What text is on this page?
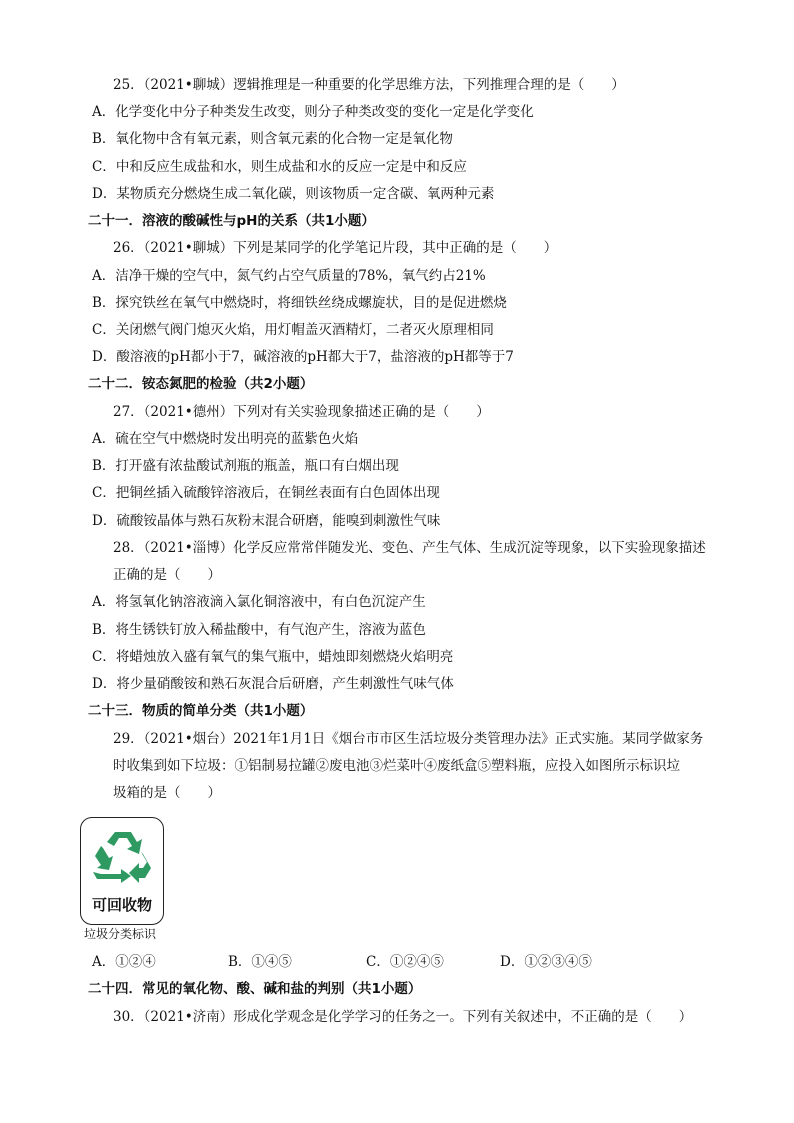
25．（2021•聊城）逻辑推理是一种重要的化学思维方法，下列推理合理的是（　　）
A．化学变化中分子种类发生改变，则分子种类改变的变化一定是化学变化
B．氧化物中含有氧元素，则含氧元素的化合物一定是氧化物
C．中和反应生成盐和水，则生成盐和水的反应一定是中和反应
D．某物质充分燃烧生成二氧化碳，则该物质一定含碳、氧两种元素
二十一．溶液的酸碱性与pH的关系（共1小题）
26．（2021•聊城）下列是某同学的化学笔记片段，其中正确的是（　　）
A．洁净干燥的空气中，氮气约占空气质量的78%，氧气约占21%
B．探究铁丝在氧气中燃烧时，将细铁丝绕成螺旋状，目的是促进燃烧
C．关闭燃气阀门熄灭火焰，用灯帽盖灭酒精灯，二者灭火原理相同
D．酸溶液的pH都小于7，碱溶液的pH都大于7，盐溶液的pH都等于7
二十二．铵态氮肥的检验（共2小题）
27．（2021•德州）下列对有关实验现象描述正确的是（　　）
A．硫在空气中燃烧时发出明亮的蓝紫色火焰
B．打开盛有浓盐酸试剂瓶的瓶盖，瓶口有白烟出现
C．把铜丝插入硫酸锌溶液后，在铜丝表面有白色固体出现
D．硫酸铵晶体与熟石灰粉末混合研磨，能嗅到刺激性气味
28．（2021•淄博）化学反应常常伴随发光、变色、产生气体、生成沉淀等现象，以下实验现象描述
正确的是（　　）
A．将氢氧化钠溶液滴入氯化铜溶液中，有白色沉淀产生
B．将生锈铁钉放入稀盐酸中，有气泡产生，溶液为蓝色
C．将蜡烛放入盛有氧气的集气瓶中，蜡烛即刻燃烧火焰明亮
D．将少量硝酸铵和熟石灰混合后研磨，产生刺激性气味气体
二十三．物质的简单分类（共1小题）
29．（2021•烟台）2021年1月1日《烟台市市区生活垃圾分类管理办法》正式实施。某同学做家务
时收集到如下垃圾：①铝制易拉罐②废电池③烂菜叶④废纸盒⑤塑料瓶，应投入如图所示标识垃
圾箱的是（　　）
可回收物
垃圾分类标识
A．①②④	B．①④⑤	C．①②④⑤	D．①②③④⑤
二十四．常见的氧化物、酸、碱和盐的判别（共1小题）
30．（2021•济南）形成化学观念是化学学习的任务之一。下列有关叙述中，不正确的是（　　）
